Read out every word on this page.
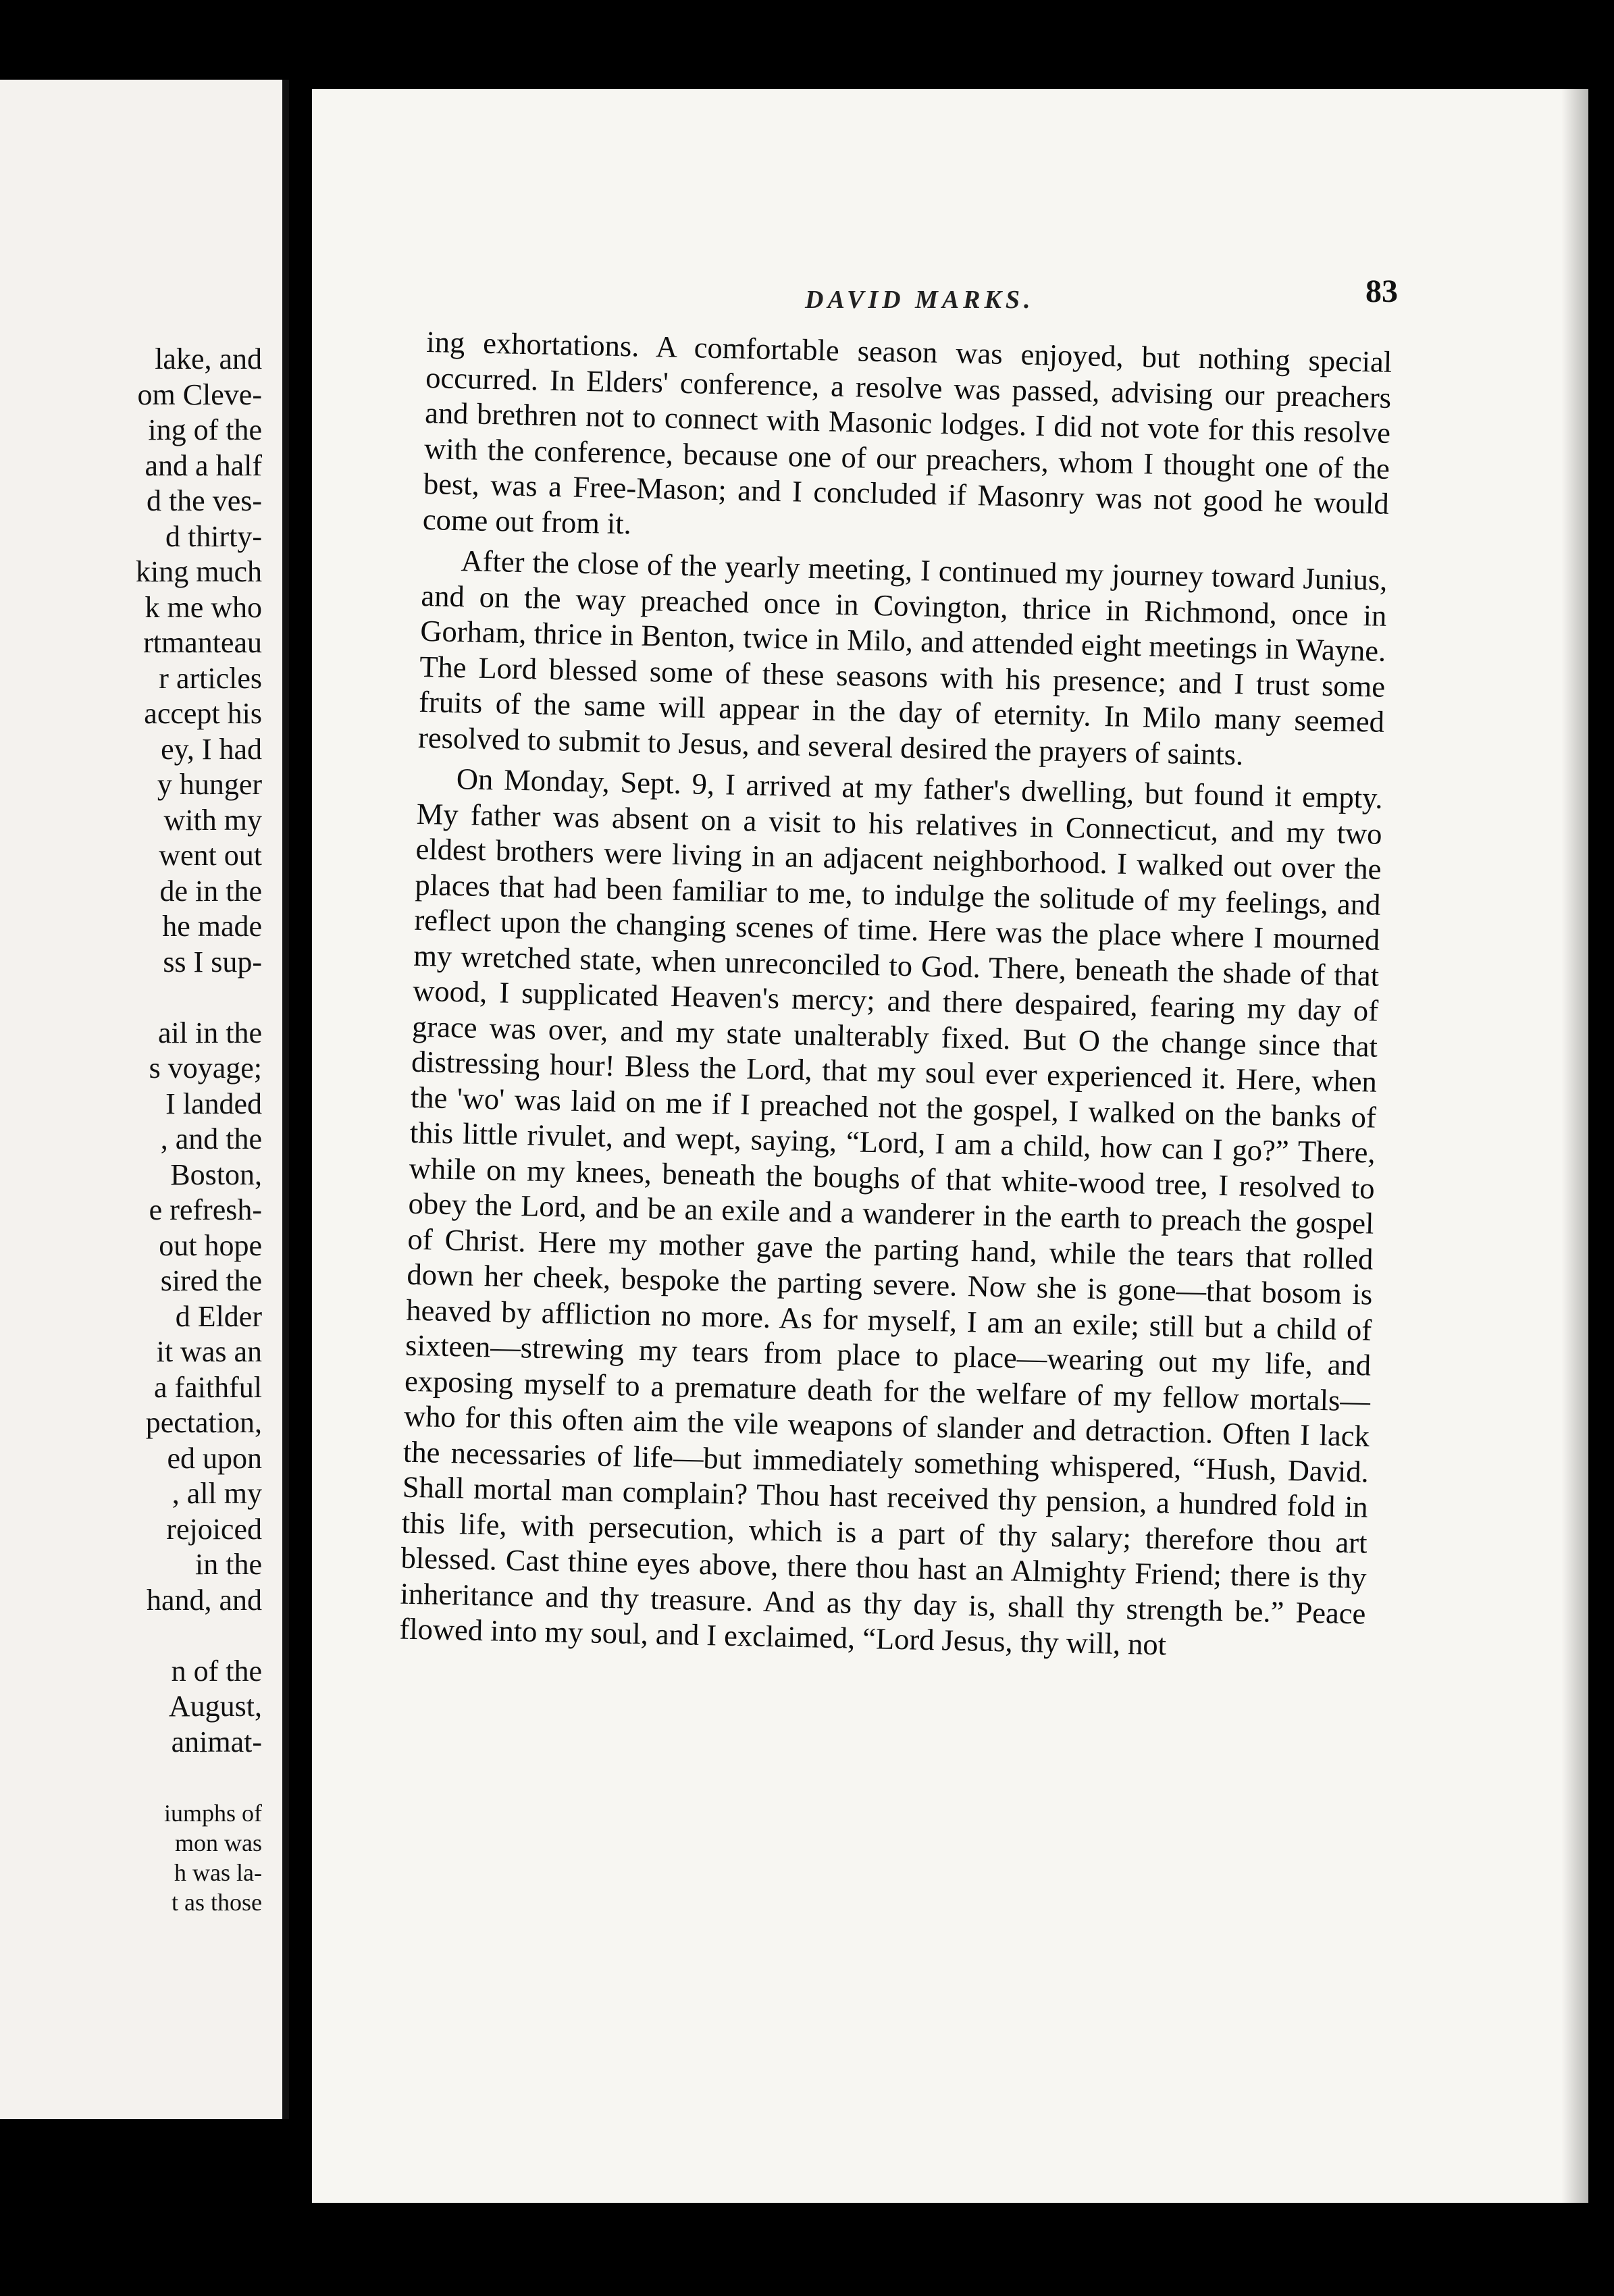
lake, and
om Cleve-
ing of the
and a half
d the ves-
d thirty-
king much
k me who
rtmanteau
r articles
accept his
ey, I had
y hunger
with my
went out
de in the
he made
ss I sup-
ail in the
s voyage;
I landed
, and the
Boston,
e refresh-
out hope
sired the
d Elder
it was an
a faithful
pectation,
ed upon
, all my
rejoiced
in the
hand, and
n of the
August,
animat-
iumphs of
mon was
h was la-
t as those
DAVID MARKS.	83

ing exhortations. A comfortable season was enjoyed, but nothing special occurred. In Elders' conference, a resolve was passed, advising our preachers and brethren not to connect with Masonic lodges. I did not vote for this resolve with the conference, because one of our preachers, whom I thought one of the best, was a Free-Mason; and I concluded if Masonry was not good he would come out from it.

After the close of the yearly meeting, I continued my journey toward Junius, and on the way preached once in Covington, thrice in Richmond, once in Gorham, thrice in Benton, twice in Milo, and attended eight meetings in Wayne. The Lord blessed some of these seasons with his presence; and I trust some fruits of the same will appear in the day of eternity. In Milo many seemed resolved to submit to Jesus, and several desired the prayers of saints.

On Monday, Sept. 9, I arrived at my father's dwelling, but found it empty. My father was absent on a visit to his relatives in Connecticut, and my two eldest brothers were living in an adjacent neighborhood. I walked out over the places that had been familiar to me, to indulge the solitude of my feelings, and reflect upon the changing scenes of time. Here was the place where I mourned my wretched state, when unreconciled to God. There, beneath the shade of that wood, I supplicated Heaven's mercy; and there despaired, fearing my day of grace was over, and my state unalterably fixed. But O the change since that distressing hour! Bless the Lord, that my soul ever experienced it. Here, when the 'wo' was laid on me if I preached not the gospel, I walked on the banks of this little rivulet, and wept, saying, “Lord, I am a child, how can I go?” There, while on my knees, beneath the boughs of that white-wood tree, I resolved to obey the Lord, and be an exile and a wanderer in the earth to preach the gospel of Christ. Here my mother gave the parting hand, while the tears that rolled down her cheek, bespoke the parting severe. Now she is gone—that bosom is heaved by affliction no more. As for myself, I am an exile; still but a child of sixteen—strewing my tears from place to place—wearing out my life, and exposing myself to a premature death for the welfare of my fellow mortals—who for this often aim the vile weapons of slander and detraction. Often I lack the necessaries of life—but immediately something whispered, “Hush, David. Shall mortal man complain? Thou hast received thy pension, a hundred fold in this life, with persecution, which is a part of thy salary; therefore thou art blessed. Cast thine eyes above, there thou hast an Almighty Friend; there is thy inheritance and thy treasure. And as thy day is, shall thy strength be.” Peace flowed into my soul, and I exclaimed, “Lord Jesus, thy will, not
